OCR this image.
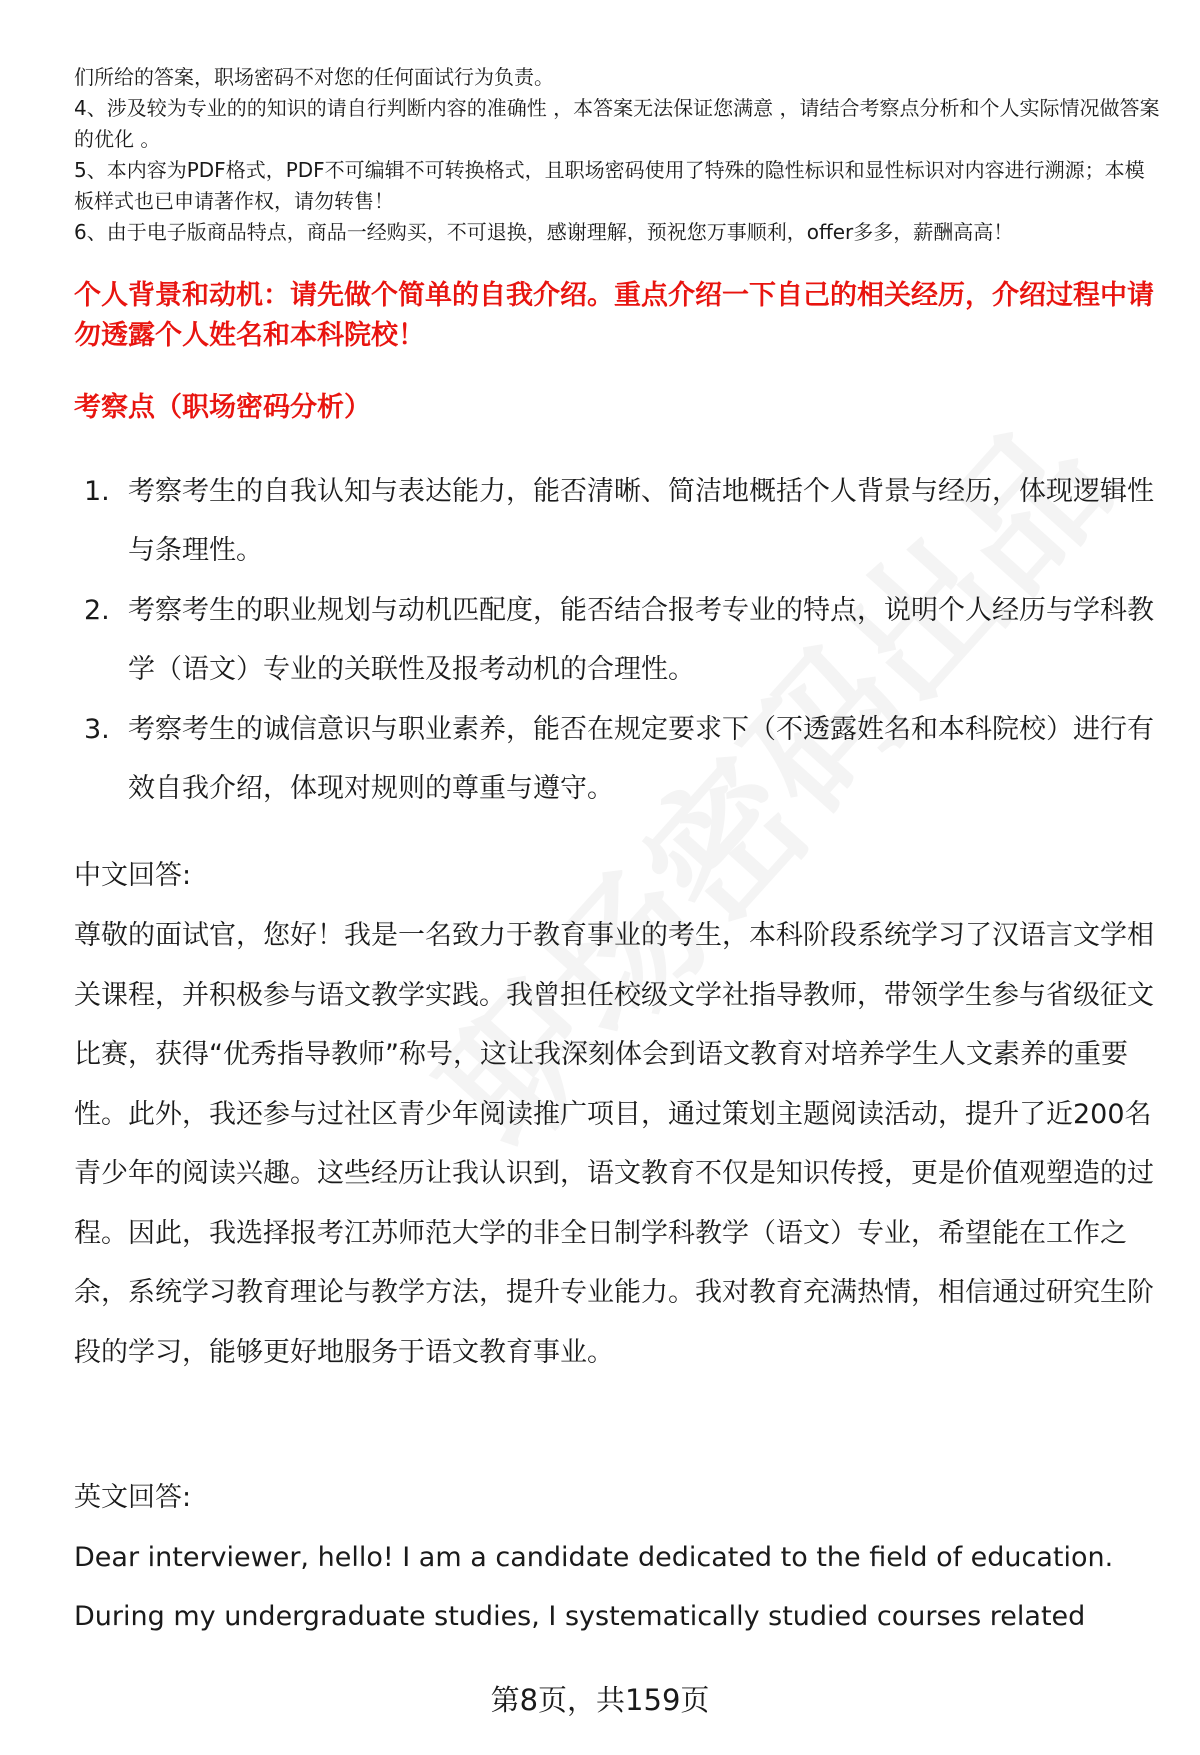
们所给的答案，职场密码不对您的任何面试行为负责。

4、涉及较为专业的的知识的请自行判断内容的准确性 ，本答案无法保证您满意 ，请结合考察点分析和个人实际情况做答案的优化 。

5、本内容为PDF格式，PDF不可编辑不可转换格式，且职场密码使用了特殊的隐性标识和显性标识对内容进行溯源；本模板样式也已申请著作权，请勿转售！

6、由于电子版商品特点，商品一经购买，不可退换，感谢理解，预祝您万事顺利，offer多多，薪酬高高！

个人背景和动机：请先做个简单的自我介绍。重点介绍一下自己的相关经历，介绍过程中请勿透露个人姓名和本科院校！
考察点（职场密码分析）
1. 考察考生的自我认知与表达能力，能否清晰、简洁地概括个人背景与经历，体现逻辑性与条理性。
2. 考察考生的职业规划与动机匹配度，能否结合报考专业的特点，说明个人经历与学科教学（语文）专业的关联性及报考动机的合理性。
3. 考察考生的诚信意识与职业素养，能否在规定要求下（不透露姓名和本科院校）进行有效自我介绍，体现对规则的尊重与遵守。
中文回答:

尊敬的面试官，您好！我是一名致力于教育事业的考生，本科阶段系统学习了汉语言文学相关课程，并积极参与语文教学实践。我曾担任校级文学社指导教师，带领学生参与省级征文比赛，获得“优秀指导教师”称号，这让我深刻体会到语文教育对培养学生人文素养的重要性。此外，我还参与过社区青少年阅读推广项目，通过策划主题阅读活动，提升了近200名青少年的阅读兴趣。这些经历让我认识到，语文教育不仅是知识传授，更是价值观塑造的过程。因此，我选择报考江苏师范大学的非全日制学科教学（语文）专业，希望能在工作之余，系统学习教育理论与教学方法，提升专业能力。我对教育充满热情，相信通过研究生阶段的学习，能够更好地服务于语文教育事业。

英文回答:

Dear interviewer, hello! I am a candidate dedicated to the field of education. During my undergraduate studies, I systematically studied courses related

第8页，共159页
